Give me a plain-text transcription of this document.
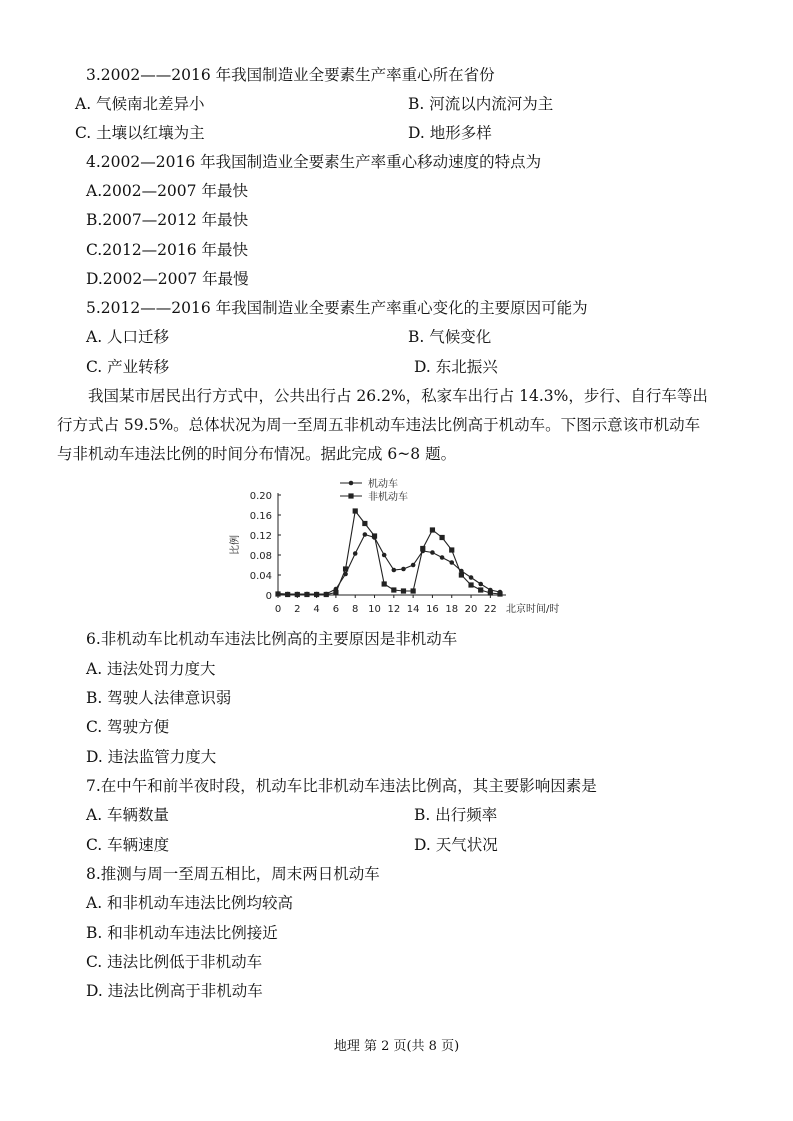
3.2002——2016 年我国制造业全要素生产率重心所在省份
A. 气候南北差异小	B. 河流以内流河为主
C. 土壤以红壤为主	D. 地形多样
4.2002—2016 年我国制造业全要素生产率重心移动速度的特点为
A.2002—2007 年最快
B.2007—2012 年最快
C.2012—2016 年最快
D.2002—2007 年最慢
5.2012——2016 年我国制造业全要素生产率重心变化的主要原因可能为
A. 人口迁移	B. 气候变化
C. 产业转移	D. 东北振兴
我国某市居民出行方式中，公共出行占 26.2%，私家车出行占 14.3%，步行、自行车等出
行方式占 59.5%。总体状况为周一至周五非机动车违法比例高于机动车。下图示意该市机动车
与非机动车违法比例的时间分布情况。据此完成 6~8 题。
0
0.04
0.08
0.12
0.16
0.20
0 2 4 6 8 10 12 14 16 18 20 22 北京时间/时
比例
机动车
非机动车
6.非机动车比机动车违法比例高的主要原因是非机动车
A. 违法处罚力度大
B. 驾驶人法律意识弱
C. 驾驶方便
D. 违法监管力度大
7.在中午和前半夜时段，机动车比非机动车违法比例高，其主要影响因素是
A. 车辆数量	B. 出行频率
C. 车辆速度	D. 天气状况
8.推测与周一至周五相比，周末两日机动车
A. 和非机动车违法比例均较高
B. 和非机动车违法比例接近
C. 违法比例低于非机动车
D. 违法比例高于非机动车
地理 第 2 页(共 8 页)
